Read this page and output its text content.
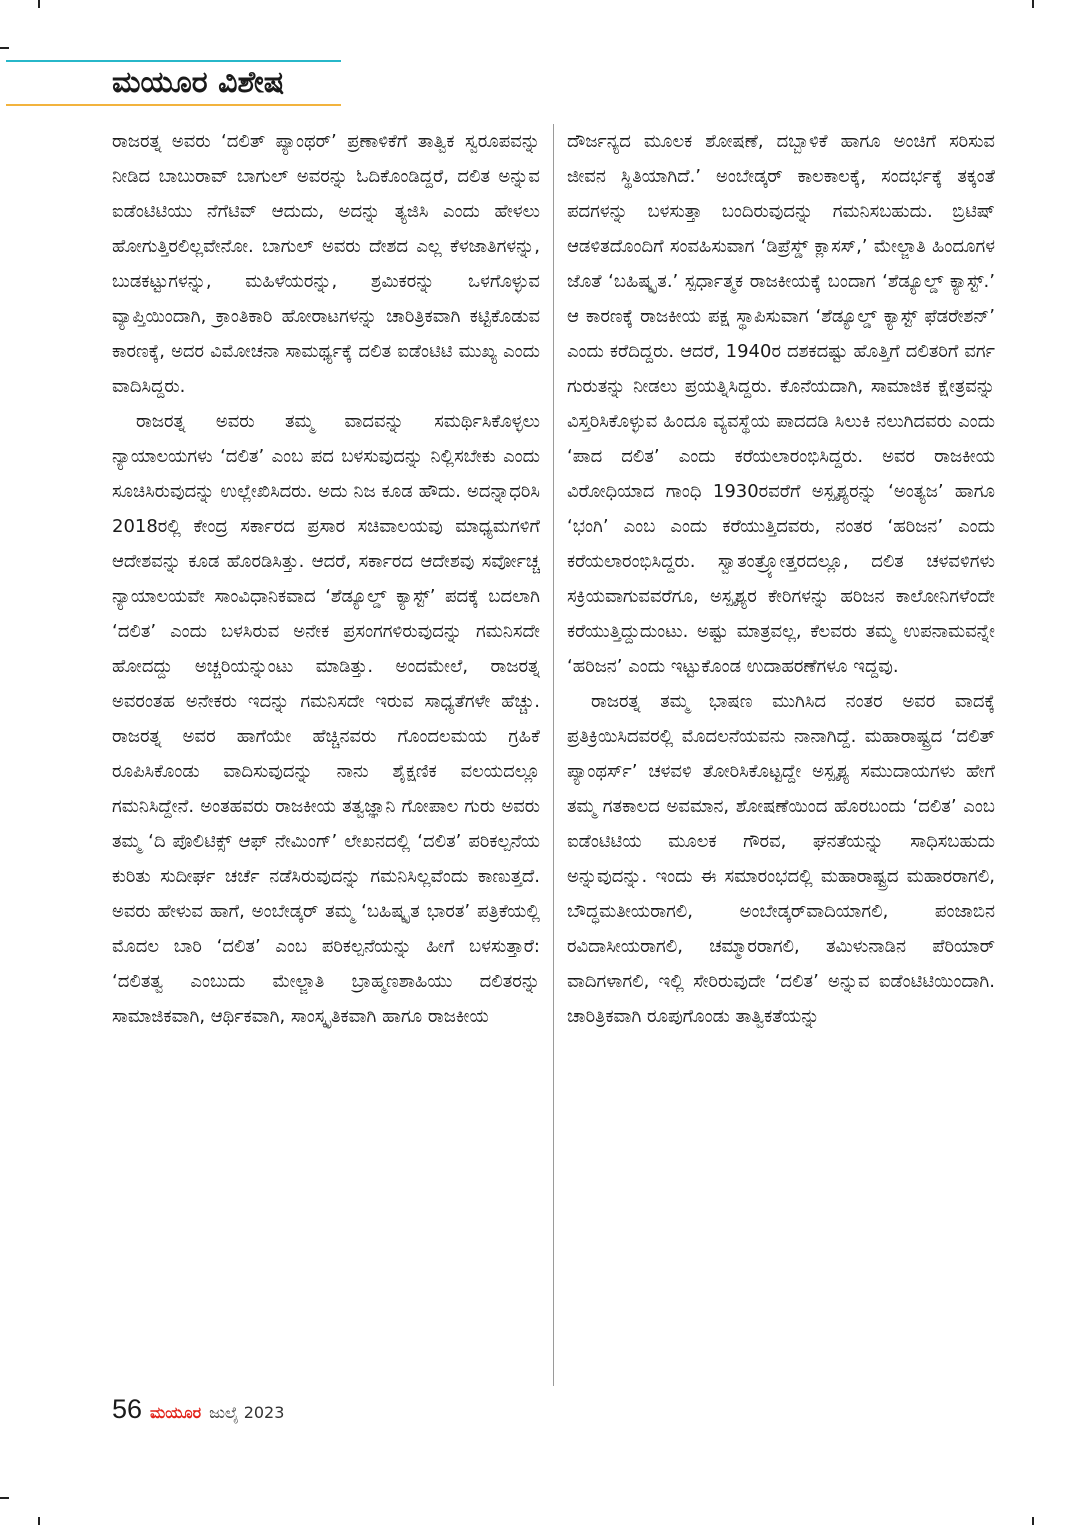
ಮಯೂರ ವಿಶೇಷ

ರಾಜರತ್ನ ಅವರು ‘ದಲಿತ್ ಪ್ಯಾಂಥರ್’ ಪ್ರಣಾಳಿಕೆಗೆ ತಾತ್ವಿಕ ಸ್ವರೂಪವನ್ನು ನೀಡಿದ ಬಾಬುರಾವ್ ಬಾಗುಲ್ ಅವರನ್ನು ಓದಿಕೊಂಡಿದ್ದರೆ, ದಲಿತ ಅನ್ನುವ ಐಡೆಂಟಿಟಿಯು ನೆಗೆಟಿವ್ ಆದುದು, ಅದನ್ನು ತ್ಯಜಿಸಿ ಎಂದು ಹೇಳಲು ಹೋಗುತ್ತಿರಲಿಲ್ಲವೇನೋ. ಬಾಗುಲ್ ಅವರು ದೇಶದ ಎಲ್ಲ ಕೆಳಜಾತಿಗಳನ್ನು, ಬುಡಕಟ್ಟುಗಳನ್ನು, ಮಹಿಳೆಯರನ್ನು, ಶ್ರಮಿಕರನ್ನು ಒಳಗೊಳ್ಳುವ ವ್ಯಾಪ್ತಿಯಿಂದಾಗಿ, ಕ್ರಾಂತಿಕಾರಿ ಹೋರಾಟಗಳನ್ನು ಚಾರಿತ್ರಿಕವಾಗಿ ಕಟ್ಟಿಕೊಡುವ ಕಾರಣಕ್ಕೆ, ಅದರ ವಿಮೋಚನಾ ಸಾಮರ್ಥ್ಯಕ್ಕೆ ದಲಿತ ಐಡೆಂಟಿಟಿ ಮುಖ್ಯ ಎಂದು ವಾದಿಸಿದ್ದರು.

ರಾಜರತ್ನ ಅವರು ತಮ್ಮ ವಾದವನ್ನು ಸಮರ್ಥಿಸಿಕೊಳ್ಳಲು ನ್ಯಾಯಾಲಯಗಳು ‘ದಲಿತ’ ಎಂಬ ಪದ ಬಳಸುವುದನ್ನು ನಿಲ್ಲಿಸಬೇಕು ಎಂದು ಸೂಚಿಸಿರುವುದನ್ನು ಉಲ್ಲೇಖಿಸಿದರು. ಅದು ನಿಜ ಕೂಡ ಹೌದು. ಅದನ್ನಾಧರಿಸಿ 2018ರಲ್ಲಿ ಕೇಂದ್ರ ಸರ್ಕಾರದ ಪ್ರಸಾರ ಸಚಿವಾಲಯವು ಮಾಧ್ಯಮಗಳಿಗೆ ಆದೇಶವನ್ನು ಕೂಡ ಹೊರಡಿಸಿತ್ತು. ಆದರೆ, ಸರ್ಕಾರದ ಆದೇಶವು ಸರ್ವೋಚ್ಚ ನ್ಯಾಯಾಲಯವೇ ಸಾಂವಿಧಾನಿಕವಾದ ‘ಶೆಡ್ಯೂಲ್ಡ್ ಕ್ಯಾಸ್ಟ್’ ಪದಕ್ಕೆ ಬದಲಾಗಿ ‘ದಲಿತ’ ಎಂದು ಬಳಸಿರುವ ಅನೇಕ ಪ್ರಸಂಗಗಳಿರುವುದನ್ನು ಗಮನಿಸದೇ ಹೋದದ್ದು ಅಚ್ಚರಿಯನ್ನುಂಟು ಮಾಡಿತ್ತು. ಅಂದಮೇಲೆ, ರಾಜರತ್ನ ಅವರಂತಹ ಅನೇಕರು ಇದನ್ನು ಗಮನಿಸದೇ ಇರುವ ಸಾಧ್ಯತೆಗಳೇ ಹೆಚ್ಚು. ರಾಜರತ್ನ ಅವರ ಹಾಗೆಯೇ ಹೆಚ್ಚಿನವರು ಗೊಂದಲಮಯ ಗ್ರಹಿಕೆ ರೂಪಿಸಿಕೊಂಡು ವಾದಿಸುವುದನ್ನು ನಾನು ಶೈಕ್ಷಣಿಕ ವಲಯದಲ್ಲೂ ಗಮನಿಸಿದ್ದೇನೆ. ಅಂತಹವರು ರಾಜಕೀಯ ತತ್ವಜ್ಞಾನಿ ಗೋಪಾಲ ಗುರು ಅವರು ತಮ್ಮ ‘ದಿ ಪೊಲಿಟಿಕ್ಸ್ ಆಫ್ ನೇಮಿಂಗ್’ ಲೇಖನದಲ್ಲಿ ‘ದಲಿತ’ ಪರಿಕಲ್ಪನೆಯ ಕುರಿತು ಸುದೀರ್ಘ ಚರ್ಚೆ ನಡೆಸಿರುವುದನ್ನು ಗಮನಿಸಿಲ್ಲವೆಂದು ಕಾಣುತ್ತದೆ. ಅವರು ಹೇಳುವ ಹಾಗೆ, ಅಂಬೇಡ್ಕರ್ ತಮ್ಮ ‘ಬಹಿಷ್ಕೃತ ಭಾರತ’ ಪತ್ರಿಕೆಯಲ್ಲಿ ಮೊದಲ ಬಾರಿ ‘ದಲಿತ’ ಎಂಬ ಪರಿಕಲ್ಪನೆಯನ್ನು ಹೀಗೆ ಬಳಸುತ್ತಾರೆ: ‘ದಲಿತತ್ವ ಎಂಬುದು ಮೇಲ್ಜಾತಿ ಬ್ರಾಹ್ಮಣಶಾಹಿಯು ದಲಿತರನ್ನು ಸಾಮಾಜಿಕವಾಗಿ, ಆರ್ಥಿಕವಾಗಿ, ಸಾಂಸ್ಕೃತಿಕವಾಗಿ ಹಾಗೂ ರಾಜಕೀಯ

ದೌರ್ಜನ್ಯದ ಮೂಲಕ ಶೋಷಣೆ, ದಬ್ಬಾಳಿಕೆ ಹಾಗೂ ಅಂಚಿಗೆ ಸರಿಸುವ ಜೀವನ ಸ್ಥಿತಿಯಾಗಿದೆ.’ ಅಂಬೇಡ್ಕರ್ ಕಾಲಕಾಲಕ್ಕೆ, ಸಂದರ್ಭಕ್ಕೆ ತಕ್ಕಂತೆ ಪದಗಳನ್ನು ಬಳಸುತ್ತಾ ಬಂದಿರುವುದನ್ನು ಗಮನಿಸಬಹುದು. ಬ್ರಿಟಿಷ್ ಆಡಳಿತದೊಂದಿಗೆ ಸಂವಹಿಸುವಾಗ ‘ಡಿಪ್ರೆಸ್ಡ್ ಕ್ಲಾಸಸ್,’ ಮೇಲ್ಜಾತಿ ಹಿಂದೂಗಳ ಜೊತೆ ‘ಬಹಿಷ್ಕೃತ.’ ಸ್ಪರ್ಧಾತ್ಮಕ ರಾಜಕೀಯಕ್ಕೆ ಬಂದಾಗ ‘ಶೆಡ್ಯೂಲ್ಡ್ ಕ್ಯಾಸ್ಟ್.’ ಆ ಕಾರಣಕ್ಕೆ ರಾಜಕೀಯ ಪಕ್ಷ ಸ್ಥಾಪಿಸುವಾಗ ‘ಶೆಡ್ಯೂಲ್ಡ್ ಕ್ಯಾಸ್ಟ್ ಫೆಡರೇಶನ್’ ಎಂದು ಕರೆದಿದ್ದರು. ಆದರೆ, 1940ರ ದಶಕದಷ್ಟು ಹೊತ್ತಿಗೆ ದಲಿತರಿಗೆ ವರ್ಗ ಗುರುತನ್ನು ನೀಡಲು ಪ್ರಯತ್ನಿಸಿದ್ದರು. ಕೊನೆಯದಾಗಿ, ಸಾಮಾಜಿಕ ಕ್ಷೇತ್ರವನ್ನು ವಿಸ್ತರಿಸಿಕೊಳ್ಳುವ ಹಿಂದೂ ವ್ಯವಸ್ಥೆಯ ಪಾದದಡಿ ಸಿಲುಕಿ ನಲುಗಿದವರು ಎಂದು ‘ಪಾದ ದಲಿತ’ ಎಂದು ಕರೆಯಲಾರಂಭಿಸಿದ್ದರು. ಅವರ ರಾಜಕೀಯ ವಿರೋಧಿಯಾದ ಗಾಂಧಿ 1930ರವರೆಗೆ ಅಸ್ಪೃಶ್ಯರನ್ನು ‘ಅಂತ್ಯಜ’ ಹಾಗೂ ‘ಭಂಗಿ’ ಎಂಬ ಎಂದು ಕರೆಯುತ್ತಿದವರು, ನಂತರ ‘ಹರಿಜನ’ ಎಂದು ಕರೆಯಲಾರಂಭಿಸಿದ್ದರು. ಸ್ವಾತಂತ್ರ್ಯೋತ್ತರದಲ್ಲೂ, ದಲಿತ ಚಳವಳಿಗಳು ಸಕ್ರಿಯವಾಗುವವರೆಗೂ, ಅಸ್ಪೃಶ್ಯರ ಕೇರಿಗಳನ್ನು ಹರಿಜನ ಕಾಲೋನಿಗಳೆಂದೇ ಕರೆಯುತ್ತಿದ್ದುದುಂಟು. ಅಷ್ಟು ಮಾತ್ರವಲ್ಲ, ಕೆಲವರು ತಮ್ಮ ಉಪನಾಮವನ್ನೇ ‘ಹರಿಜನ’ ಎಂದು ಇಟ್ಟುಕೊಂಡ ಉದಾಹರಣೆಗಳೂ ಇದ್ದವು.

ರಾಜರತ್ನ ತಮ್ಮ ಭಾಷಣ ಮುಗಿಸಿದ ನಂತರ ಅವರ ವಾದಕ್ಕೆ ಪ್ರತಿಕ್ರಿಯಿಸಿದವರಲ್ಲಿ ಮೊದಲನೆಯವನು ನಾನಾಗಿದ್ದೆ. ಮಹಾರಾಷ್ಟ್ರದ ‘ದಲಿತ್ ಪ್ಯಾಂಥರ್ಸ್’ ಚಳವಳಿ ತೋರಿಸಿಕೊಟ್ಟದ್ದೇ ಅಸ್ಪೃಶ್ಯ ಸಮುದಾಯಗಳು ಹೇಗೆ ತಮ್ಮ ಗತಕಾಲದ ಅವಮಾನ, ಶೋಷಣೆಯಿಂದ ಹೊರಬಂದು ‘ದಲಿತ’ ಎಂಬ ಐಡೆಂಟಿಟಿಯ ಮೂಲಕ ಗೌರವ, ಘನತೆಯನ್ನು ಸಾಧಿಸಬಹುದು ಅನ್ನುವುದನ್ನು. ಇಂದು ಈ ಸಮಾರಂಭದಲ್ಲಿ ಮಹಾರಾಷ್ಟ್ರದ ಮಹಾರರಾಗಲಿ, ಬೌದ್ಧಮತೀಯರಾಗಲಿ, ಅಂಬೇಡ್ಕರ್‌ವಾದಿಯಾಗಲಿ, ಪಂಜಾಬಿನ ರವಿದಾಸೀಯರಾಗಲಿ, ಚಮ್ಮಾರರಾಗಲಿ, ತಮಿಳುನಾಡಿನ ಪೆರಿಯಾರ್ ವಾದಿಗಳಾಗಲಿ, ಇಲ್ಲಿ ಸೇರಿರುವುದೇ ‘ದಲಿತ’ ಅನ್ನುವ ಐಡೆಂಟಿಟಿಯಿಂದಾಗಿ. ಚಾರಿತ್ರಿಕವಾಗಿ ರೂಪುಗೊಂಡು ತಾತ್ವಿಕತೆಯನ್ನು

56 ಮಯೂರ ಜುಲೈ 2023
